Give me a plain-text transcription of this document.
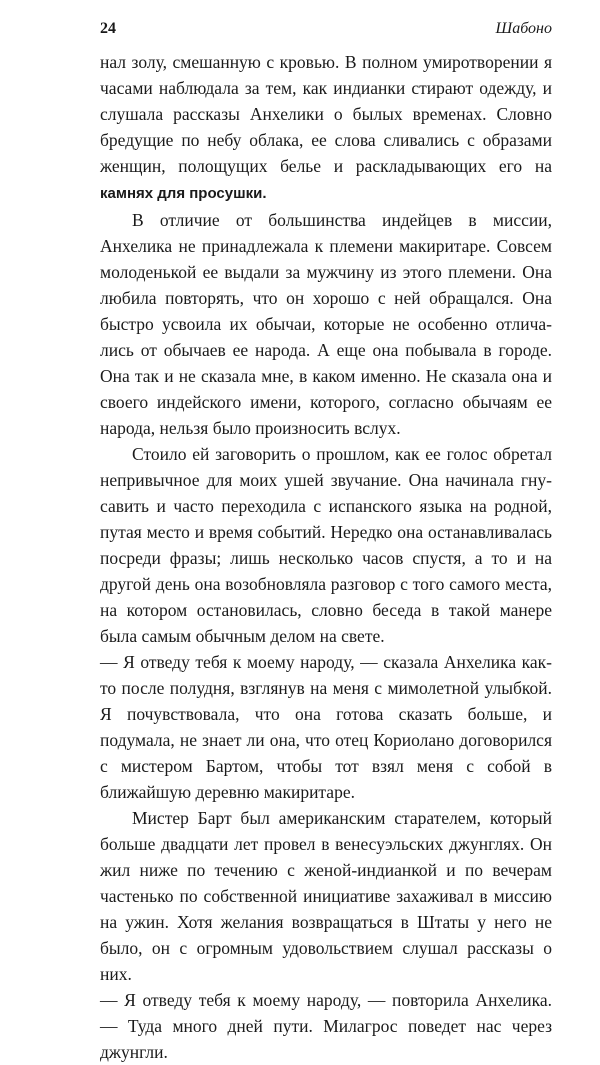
24	Шабоно

нал золу, смешанную с кровью. В полном умиротворении я часами наблюдала за тем, как индианки стирают одежду, и слушала рассказы Анхелики о былых временах. Словно бредущие по небу облака, ее слова сливались с образами женщин, полощущих белье и раскладывающих его на камнях для просушки.

В отличие от большинства индейцев в миссии, Анхелика не принадлежала к племени макиритаре. Совсем молоденькой ее выдали за мужчину из этого племени. Она любила повторять, что он хорошо с ней обращался. Она быстро усвоила их обычаи, которые не особенно отличались от обычаев ее народа. А еще она побывала в городе. Она так и не сказала мне, в каком именно. Не сказала она и своего индейского имени, которого, согласно обычаям ее народа, нельзя было произносить вслух.

Стоило ей заговорить о прошлом, как ее голос обретал непривычное для моих ушей звучание. Она начинала гнусавить и часто переходила с испанского языка на родной, путая место и время событий. Нередко она останавливалась посреди фразы; лишь несколько часов спустя, а то и на другой день она возобновляла разговор с того самого места, на котором остановилась, словно беседа в такой манере была самым обычным делом на свете.

— Я отведу тебя к моему народу, — сказала Анхелика как-то после полудня, взглянув на меня с мимолетной улыбкой. Я почувствовала, что она готова сказать больше, и подумала, не знает ли она, что отец Кориолано договорился с мистером Бартом, чтобы тот взял меня с собой в ближайшую деревню макиритаре.

Мистер Барт был американским старателем, который больше двадцати лет провел в венесуэльских джунглях. Он жил ниже по течению с женой-индианкой и по вечерам частенько по собственной инициативе захаживал в миссию на ужин. Хотя желания возвращаться в Штаты у него не было, он с огромным удовольствием слушал рассказы о них.

— Я отведу тебя к моему народу, — повторила Анхелика. — Туда много дней пути. Милагрос поведет нас через джунгли.
